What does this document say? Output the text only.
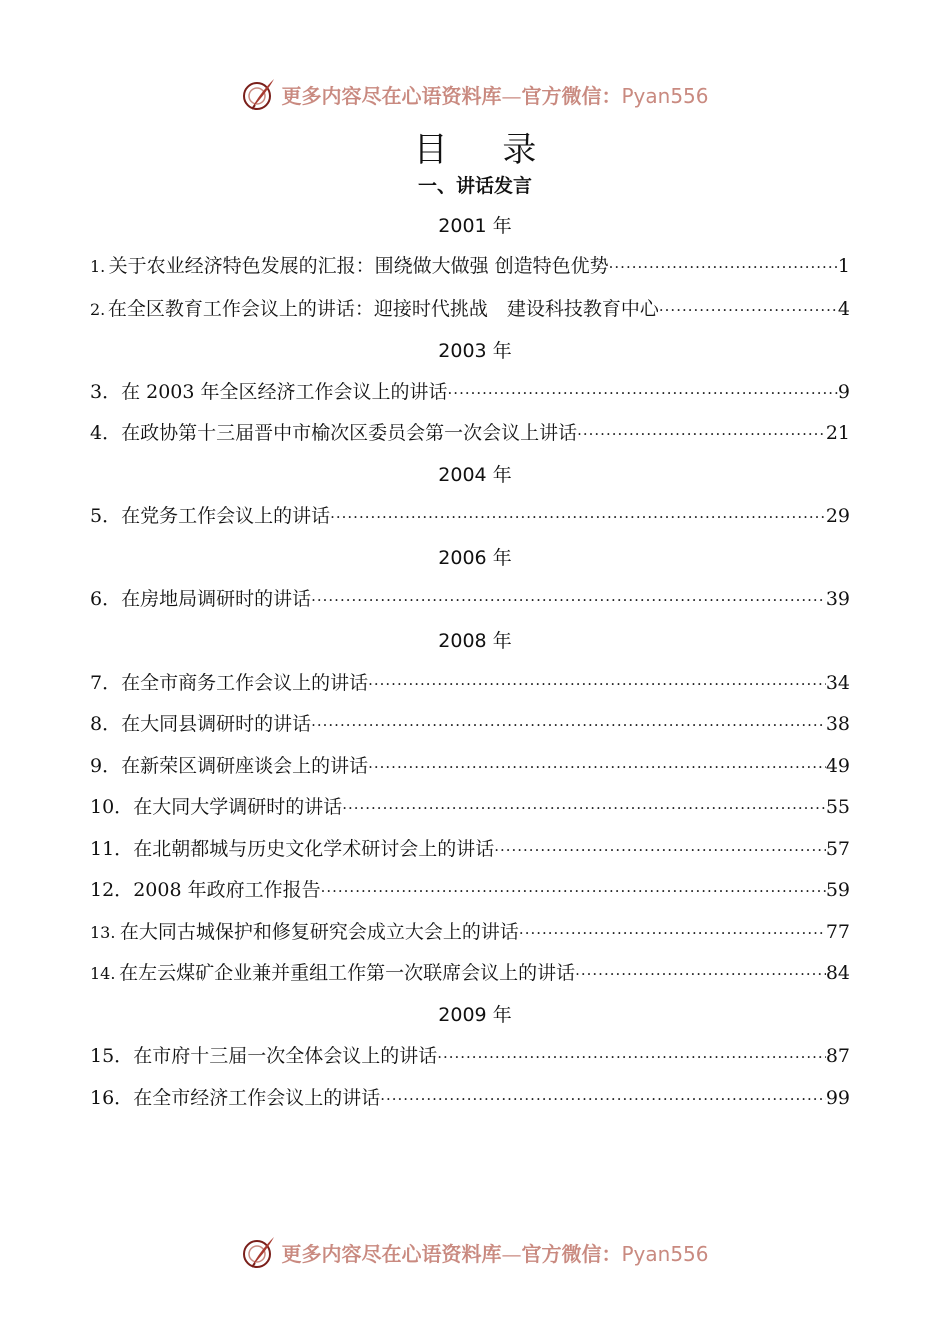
更多内容尽在心语资料库—官方微信：Pyan556
目 录
一、讲话发言
2001 年
1. 关于农业经济特色发展的汇报：围绕做大做强 创造特色优势 ·····	1
2. 在全区教育工作会议上的讲话：迎接时代挑战　建设科技教育中心 ·····	4
2003 年
3． 在 2003 年全区经济工作会议上的讲话 ·····	9
4． 在政协第十三届晋中市榆次区委员会第一次会议上讲话 ·····	21
2004 年
5． 在党务工作会议上的讲话 ·····	29
2006 年
6． 在房地局调研时的讲话 ·····	39
2008 年
7． 在全市商务工作会议上的讲话 ·····	34
8． 在大同县调研时的讲话 ·····	38
9． 在新荣区调研座谈会上的讲话 ·····	49
10． 在大同大学调研时的讲话 ·····	55
11． 在北朝都城与历史文化学术研讨会上的讲话 ·····	57
12． 2008 年政府工作报告 ·····	59
13. 在大同古城保护和修复研究会成立大会上的讲话 ·····	77
14. 在左云煤矿企业兼并重组工作第一次联席会议上的讲话 ·····	84
2009 年
15． 在市府十三届一次全体会议上的讲话 ·····	87
16． 在全市经济工作会议上的讲话 ·····	99
更多内容尽在心语资料库—官方微信：Pyan556
